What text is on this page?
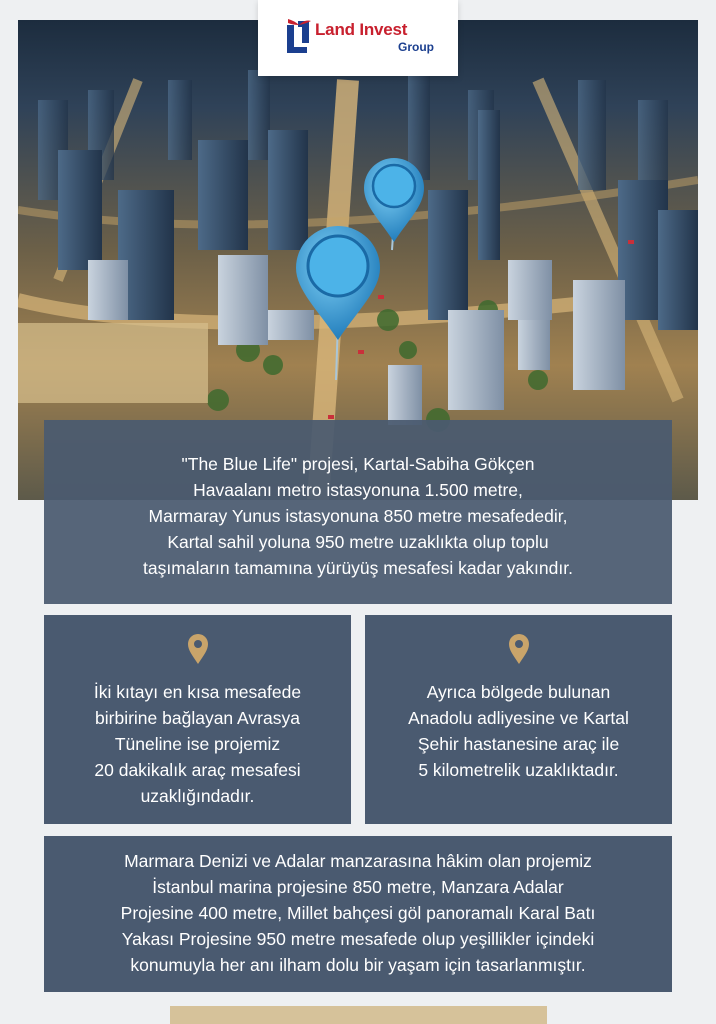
Land Invest
Group

"The Blue Life" projesi, Kartal-Sabiha Gökçen

Havaalanı metro istasyonuna 1.500 metre,

Marmaray Yunus istasyonuna 850 metre mesafededir,

Kartal sahil yoluna 950 metre uzaklıkta olup toplu

taşımaların tamamına yürüyüş mesafesi kadar yakındır.

İki kıtayı en kısa mesafede

birbirine bağlayan Avrasya

Tüneline ise projemiz

20 dakikalık araç mesafesi

uzaklığındadır.

Ayrıca bölgede bulunan

Anadolu adliyesine ve Kartal

Şehir hastanesine araç ile

5 kilometrelik uzaklıktadır.

Marmara Denizi ve Adalar manzarasına hâkim olan projemiz

İstanbul marina projesine 850 metre, Manzara Adalar

Projesine 400 metre, Millet bahçesi göl panoramalı Karal Batı

Yakası Projesine 950 metre mesafede olup yeşillikler içindeki

konumuyla her anı ilham dolu bir yaşam için tasarlanmıştır.
